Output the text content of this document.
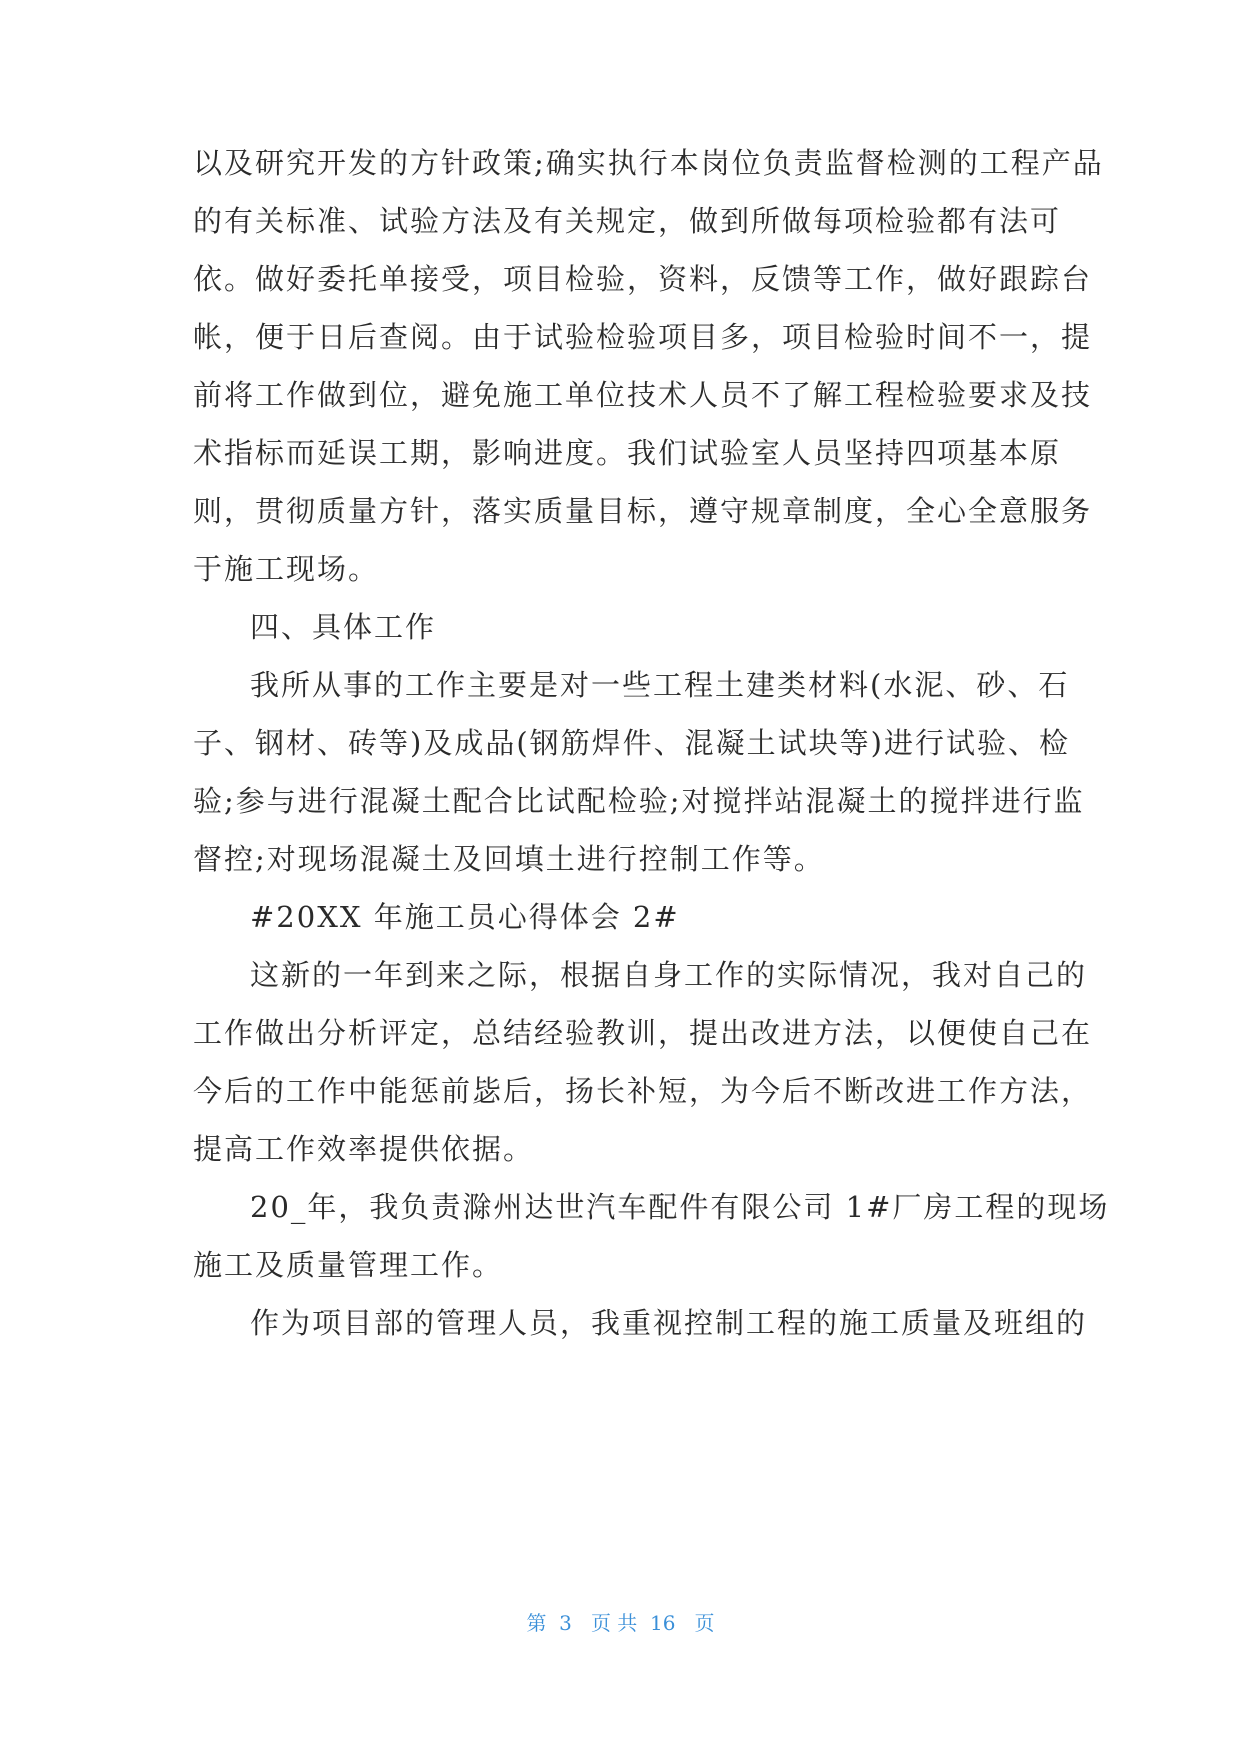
以及研究开发的方针政策;确实执行本岗位负责监督检测的工程产品
的有关标准、试验方法及有关规定，做到所做每项检验都有法可
依。做好委托单接受，项目检验，资料，反馈等工作，做好跟踪台
帐，便于日后查阅。由于试验检验项目多，项目检验时间不一，提
前将工作做到位，避免施工单位技术人员不了解工程检验要求及技
术指标而延误工期，影响进度。我们试验室人员坚持四项基本原
则，贯彻质量方针，落实质量目标，遵守规章制度，全心全意服务
于施工现场。
四、具体工作
我所从事的工作主要是对一些工程土建类材料(水泥、砂、石
子、钢材、砖等)及成品(钢筋焊件、混凝土试块等)进行试验、检
验;参与进行混凝土配合比试配检验;对搅拌站混凝土的搅拌进行监
督控;对现场混凝土及回填土进行控制工作等。
#20XX 年施工员心得体会 2#
这新的一年到来之际，根据自身工作的实际情况，我对自己的
工作做出分析评定，总结经验教训，提出改进方法，以便使自己在
今后的工作中能惩前毖后，扬长补短，为今后不断改进工作方法，
提高工作效率提供依据。
20_年，我负责滁州达世汽车配件有限公司 1#厂房工程的现场
施工及质量管理工作。
作为项目部的管理人员，我重视控制工程的施工质量及班组的
第  3   页 共  16   页
